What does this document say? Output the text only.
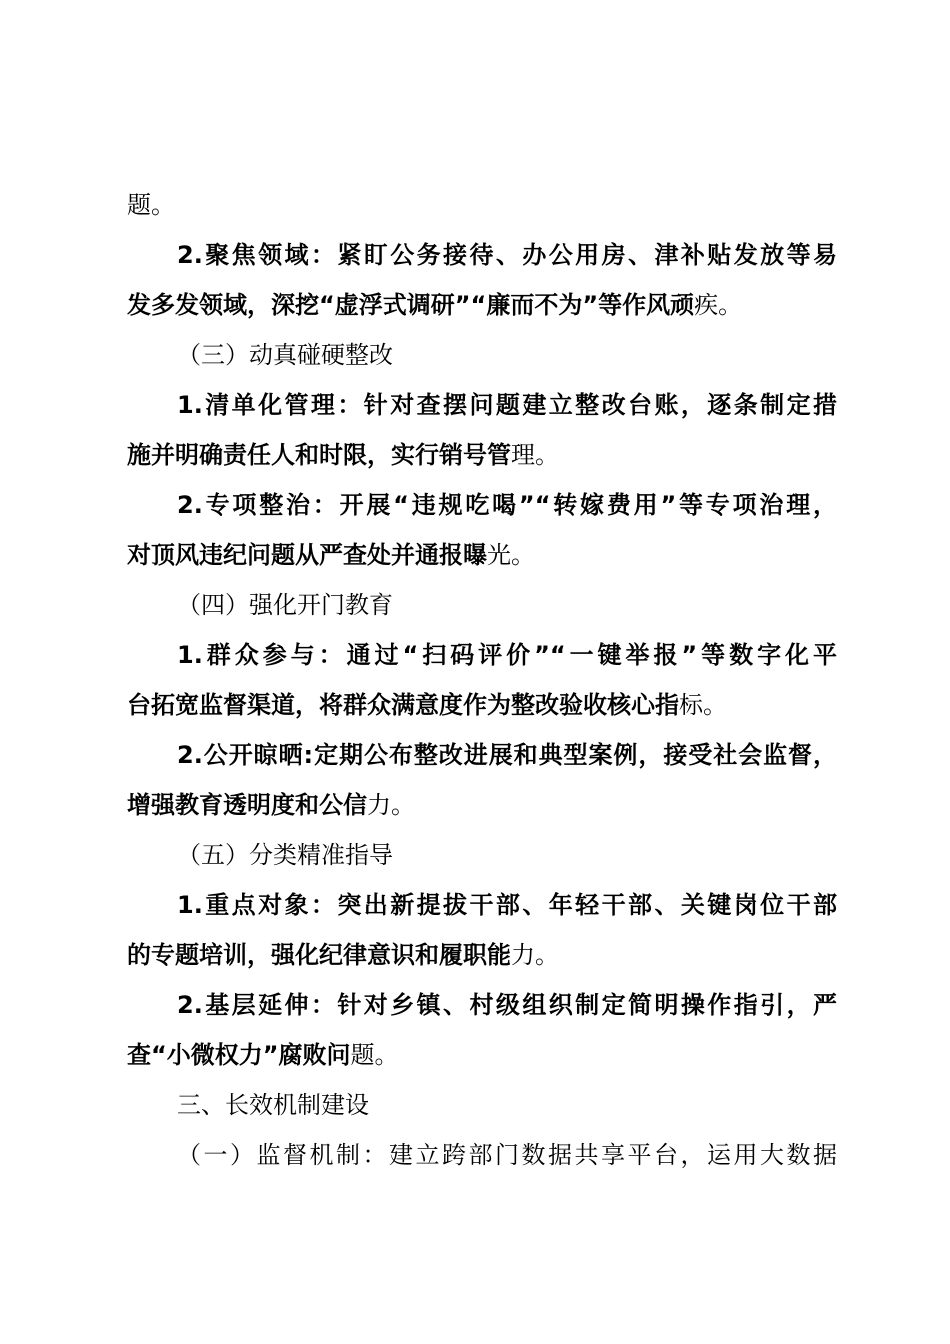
题。
2.聚焦领域：紧盯公务接待、办公用房、津补贴发放等易
发多发领域，深挖“虚浮式调研”“廉而不为”等作风顽疾。
（三）动真碰硬整改
1.清单化管理：针对查摆问题建立整改台账，逐条制定措
施并明确责任人和时限，实行销号管理。
2.专项整治：开展“违规吃喝”“转嫁费用”等专项治理，
对顶风违纪问题从严查处并通报曝光。
（四）强化开门教育
1.群众参与：通过“扫码评价”“一键举报”等数字化平
台拓宽监督渠道，将群众满意度作为整改验收核心指标。
2.公开晾晒:定期公布整改进展和典型案例，接受社会监督，
增强教育透明度和公信力。
（五）分类精准指导
1.重点对象：突出新提拔干部、年轻干部、关键岗位干部
的专题培训，强化纪律意识和履职能力。
2.基层延伸：针对乡镇、村级组织制定简明操作指引，严
查“小微权力”腐败问题。
三、长效机制建设
（一）监督机制：建立跨部门数据共享平台，运用大数据
